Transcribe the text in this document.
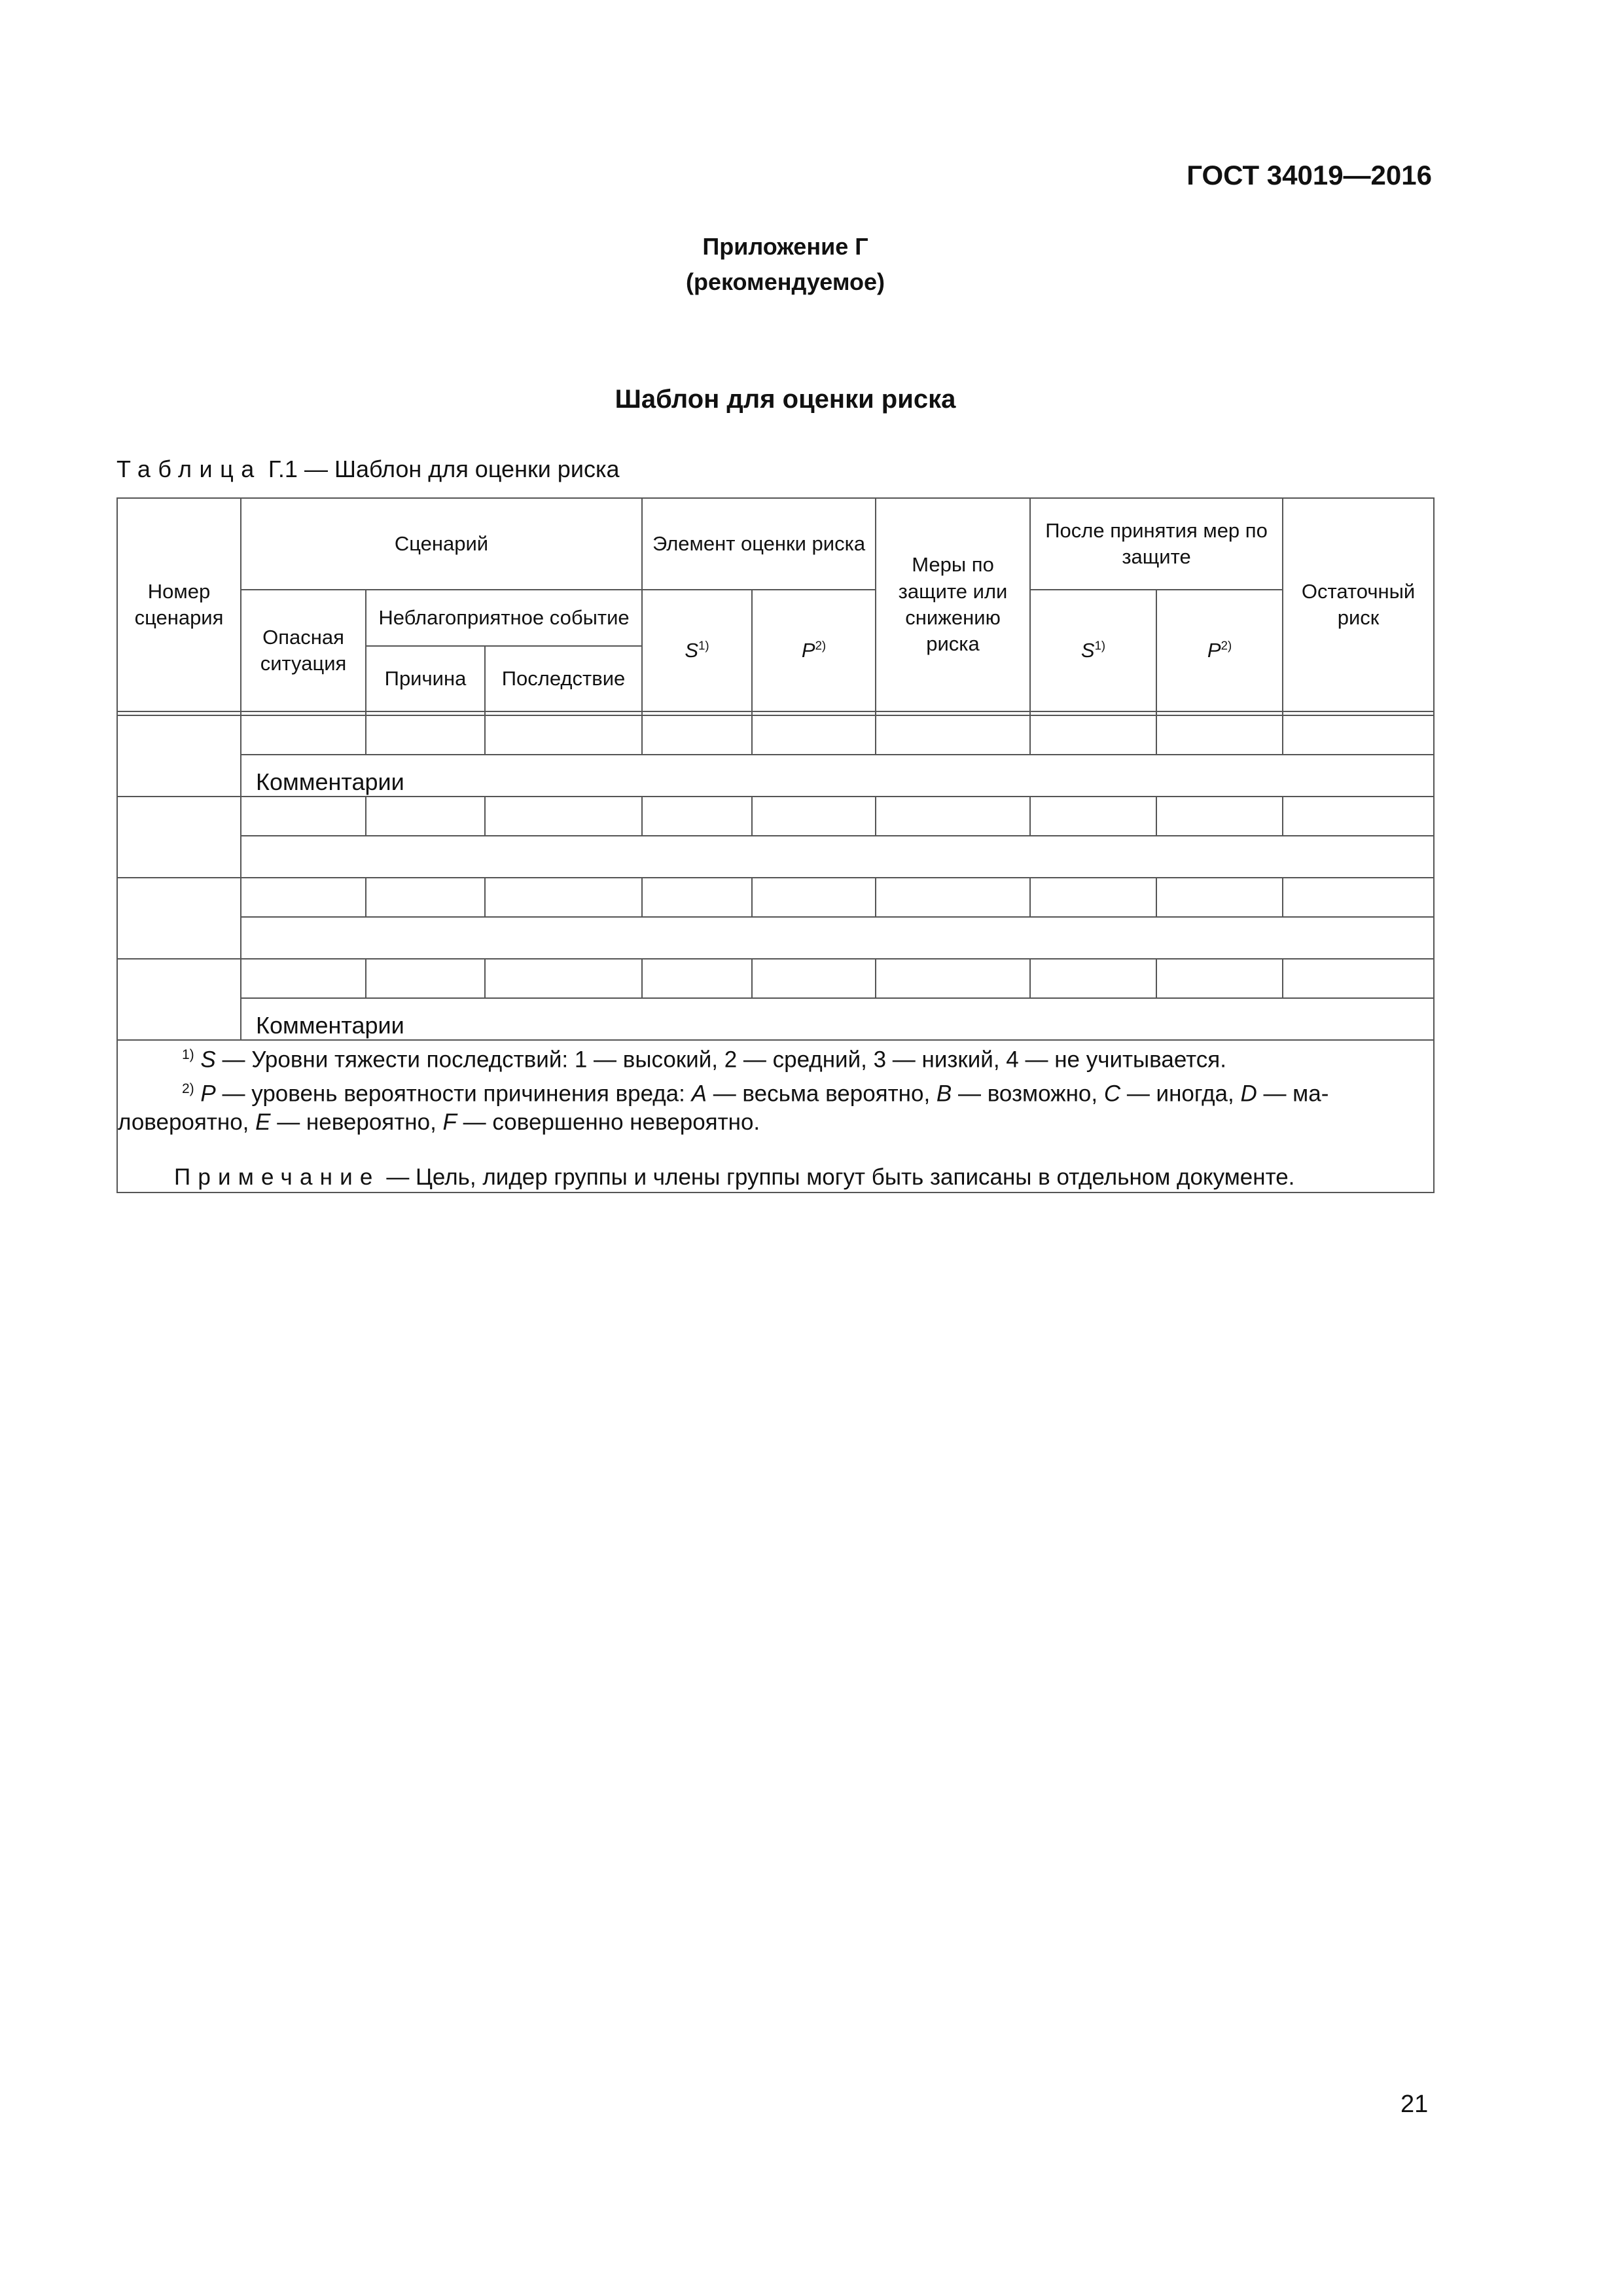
ГОСТ 34019—2016
Приложение Г
(рекомендуемое)
Шаблон для оценки риска
Таблица Г.1 — Шаблон для оценки риска
Номер сценария	Сценарий			Элемент оценки риска		Меры по защите или снижению риска	После принятия мер по защите		Остаточный риск
	Опасная ситуация	Неблагоприятное событие		$S^{1)}$	$P^{2)}$		$S^{1)}$	$P^{2)}$
		Причина	Последствие						

	Комментарии								

	Комментарии								

$^{1)}$ S — Уровни тяжести последствий: 1 — высокий, 2 — средний, 3 — низкий, 4 — не учитывается.
$^{2)}$ P — уровень вероятности причинения вреда: A — весьма вероятно, B — возможно, C — иногда, D — маловероятно, E — невероятно, F — совершенно невероятно.
Примечание — Цель, лидер группы и члены группы могут быть записаны в отдельном документе.									
21
